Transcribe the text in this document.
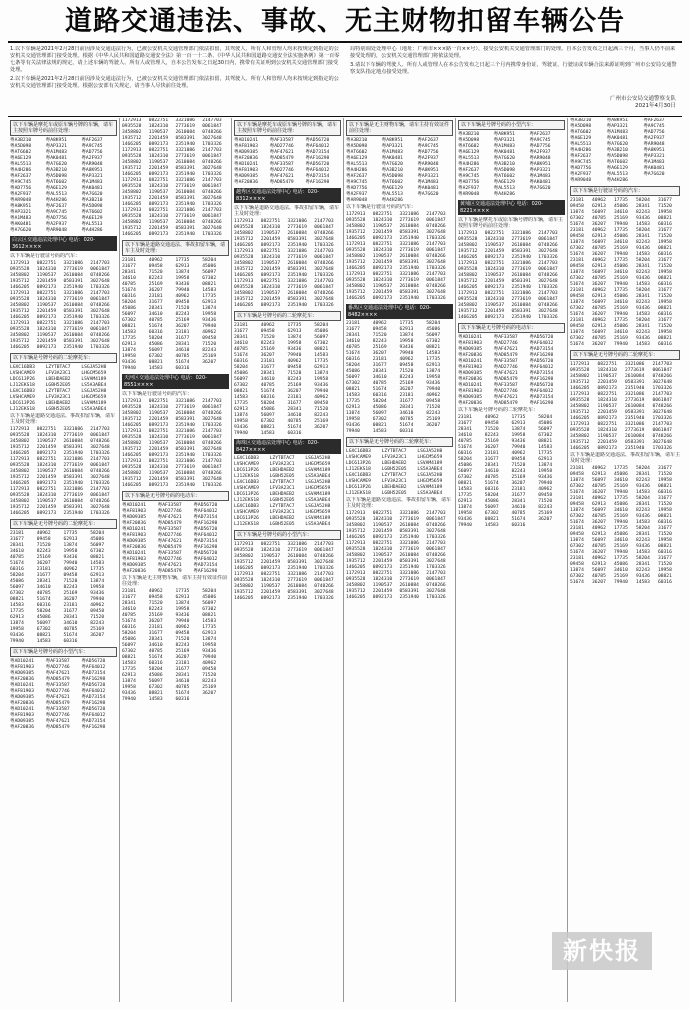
道路交通违法、事故、无主财物扣留车辆公告

1.以下车辆是2021年2月28日前因涉及交通违法行为，已被公安机关交通管理部门依法扣留，其驾驶人、所有人和管理人均未按规定到指定的公安机关交通管理部门接受处理。根据《中华人民共和国道路交通安全法》第一百一十二条、《中华人民共和国道路交通安全法实施条例》第一百零七条等有关法律法规的规定，请上述车辆的驾驶人、所有人或管理人，自本公告发布之日起30日内，携带有关证明到公安机关交通管理部门接受处理。

2.以下车辆是2021年2月28日前因涉及交通违法行为，已被公安机关交通管理部门依法扣留，其驾驶人、所有人和管理人均未按规定到指定的公安机关交通管理部门接受处理。根据公安部有关规定，请当事人尽快前往处理。

局特别调处处理中心（地址：广州市×××路一百××号），接受公安机关交通管理部门的处理。自本公告发布之日起满三个月，当事人仍不前来接受处理的，公安机关交通管理部门将依法处理。

3.请以下车辆的驾驶人、所有人或管理人在本公告发布之日起三个月内携带身份证、驾驶证、行驶证或车辆合法来源证明到广州市公安局交通警察支队指定地点接受处理。

广州市公安局交通警察支队
2021年4月30日
以下车辆是摩托车或原车辆号牌的车辆，请车主按照车牌号码前往处理：
粤A3B210	粤A8K951	粤AF2637
粤A5D098	粤AP3321	粤A9C745
粤AT6602	粤A1M483	粤AD7756
粤A6E129	粤AK0481	粤A2F937
粤AL5513	粤A7G620	粤AR9048
粤A4H286	粤A3B210	粤A8K951
粤AF2637	粤A5D098	粤AP3321
粤A9C745	粤AT6602	粤A1M483
粤AD7756	粤A6E129	粤AK0481
粤A2F937	粤AL5513	粤A7G620
粤AR9048	粤A4H286	粤A3B210
粤A8K951	粤AF2637	粤A5D098
粤AP3321	粤A9C745	粤AT6602
粤A1M483	粤AD7756	粤A6E129
粤AK0481	粤A2F937	粤AL5513
粤A7G620	粤AR9048	粤A4H286
白云区交通违法处理中心 电话：020-3612××××
以下车辆是行驶证号码的汽车：
1172913	0822751	3321086	2147703
0935528	1824310	2773619	0061847
3458802	1190537	2610084	0748266
1935712	2201459	0583391	3027648
1466205	0892173	2351940	1703326
1172913	0822751	3321086	2147703
0935528	1824310	2773619	0061847
3458802	1190537	2610084	0748266
1935712	2201459	0583391	3027648
1466205	0892173	2351940	1703326
1172913	0822751	3321086	2147703
0935528	1824310	2773619	0061847
3458802	1190537	2610084	0748266
1935712	2201459	0583391	3027648
1466205	0892173	2351940	1703326
以下车辆是号牌号码的二轮摩托车：
LGXC16DB3	LZYTBTAC7	LSGJA52H8
LVSHCAME9	LFV3A23C1	LHGCM5659
LDC613P26	LBEHDAEB2	LSVAM4189
LJ12EKS18	LGBH52E05	LS5A3ABE4
LGXC16DB3	LZYTBTAC7	LSGJA52H8
LVSHCAME9	LFV3A23C1	LHGCM5659
LDC613P26	LBEHDAEB2	LSVAM4189
LJ12EKS18	LGBH52E05	LS5A3ABE4
以下车辆是道路交通违法、事故扣留车辆，请车主及时处理：
1172913	0822751	3321086	2147703
0935528	1824310	2773619	0061847
3458802	1190537	2610084	0748266
1935712	2201459	0583391	3027648
1466205	0892173	2351940	1703326
1172913	0822751	3321086	2147703
0935528	1824310	2773619	0061847
3458802	1190537	2610084	0748266
1935712	2201459	0583391	3027648
1466205	0892173	2351940	1703326
1172913	0822751	3321086	2147703
0935528	1824310	2773619	0061847
3458802	1190537	2610084	0748266
1935712	2201459	0583391	3027648
1466205	0892173	2351940	1703326
以下车辆是无号牌号码的二轮摩托车：
23181	40962	17735	58204
31677	09458	62913	45086
28341	71520	13874	56097
34610	82243	19958	67302
40785	25169	93436	08821
51674	36207	79940	14583
60316	23181	40962	17735
58204	31677	09458	62913
45086	28341	71520	13874
56097	34610	82243	19958
67302	40785	25169	93436
08821	51674	36207	79940
14583	60316	23181	40962
17735	58204	31677	09458
62913	45086	28341	71520
13874	56097	34610	82243
19958	67302	40785	25169
93436	08821	51674	36207
79940	14583	60316
以下车辆是号牌号码的小型汽车：
粤AD10241	粤AF33587	粤AD56720
粤AF81903	粤AD27746	粤AF64012
粤AD09385	粤AF47621	粤AD73154
粤AF20836	粤AD85479	粤AF16298
粤AD10241	粤AF33587	粤AD56720
粤AF81903	粤AD27746	粤AF64012
粤AD09385	粤AF47621	粤AD73154
粤AF20836	粤AD85479	粤AF16298
粤AD10241	粤AF33587	粤AD56720
粤AF81903	粤AD27746	粤AF64012
粤AD09385	粤AF47621	粤AD73154
粤AF20836	粤AD85479	粤AF16298
1172913	0822751	3321086	2147703
0935528	1824310	2773619	0061847
3458802	1190537	2610084	0748266
1935712	2201459	0583391	3027648
1466205	0892173	2351940	1703326
1172913	0822751	3321086	2147703
0935528	1824310	2773619	0061847
3458802	1190537	2610084	0748266
1935712	2201459	0583391	3027648
1466205	0892173	2351940	1703326
1172913	0822751	3321086	2147703
0935528	1824310	2773619	0061847
3458802	1190537	2610084	0748266
1935712	2201459	0583391	3027648
1466205	0892173	2351940	1703326
1172913	0822751	3321086	2147703
0935528	1824310	2773619	0061847
3458802	1190537	2610084	0748266
1935712	2201459	0583391	3027648
1466205	0892173	2351940	1703326
以下车辆是道路交通违法、事故扣留车辆，请车主及时处理：
23181	40962	17735	58204
31677	09458	62913	45086
28341	71520	13874	56097
34610	82243	19958	67302
40785	25169	93436	08821
51674	36207	79940	14583
60316	23181	40962	17735
58204	31677	09458	62913
45086	28341	71520	13874
56097	34610	82243	19958
67302	40785	25169	93436
08821	51674	36207	79940
14583	60316	23181	40962
17735	58204	31677	09458
62913	45086	28341	71520
13874	56097	34610	82243
19958	67302	40785	25169
93436	08821	51674	36207
79940	14583	60316
天河区交通违法处理中心 电话：020-8551××××
以下车辆是行驶证号码的汽车：
1172913	0822751	3321086	2147703
0935528	1824310	2773619	0061847
3458802	1190537	2610084	0748266
1935712	2201459	0583391	3027648
1466205	0892173	2351940	1703326
1172913	0822751	3321086	2147703
0935528	1824310	2773619	0061847
3458802	1190537	2610084	0748266
1935712	2201459	0583391	3027648
1466205	0892173	2351940	1703326
1172913	0822751	3321086	2147703
0935528	1824310	2773619	0061847
3458802	1190537	2610084	0748266
1935712	2201459	0583391	3027648
1466205	0892173	2351940	1703326
以下车辆是无号牌号码的电动车：
粤AD10241	粤AF33587	粤AD56720
粤AF81903	粤AD27746	粤AF64012
粤AD09385	粤AF47621	粤AD73154
粤AF20836	粤AD85479	粤AF16298
粤AD10241	粤AF33587	粤AD56720
粤AF81903	粤AD27746	粤AF64012
粤AD09385	粤AF47621	粤AD73154
粤AF20836	粤AD85479	粤AF16298
粤AD10241	粤AF33587	粤AD56720
粤AF81903	粤AD27746	粤AF64012
粤AD09385	粤AF47621	粤AD73154
粤AF20836	粤AD85479	粤AF16298
以下车辆是无主财物车辆，请车主持有效证件前往处理：
23181	40962	17735	58204
31677	09458	62913	45086
28341	71520	13874	56097
34610	82243	19958	67302
40785	25169	93436	08821
51674	36207	79940	14583
60316	23181	40962	17735
58204	31677	09458	62913
45086	28341	71520	13874
56097	34610	82243	19958
67302	40785	25169	93436
08821	51674	36207	79940
14583	60316	23181	40962
17735	58204	31677	09458
62913	45086	28341	71520
13874	56097	34610	82243
19958	67302	40785	25169
93436	08821	51674	36207
79940	14583	60316
以下车辆是摩托车或原车辆号牌的车辆，请车主按照车牌号码前往处理：
粤AD10241	粤AF33587	粤AD56720
粤AF81903	粤AD27746	粤AF64012
粤AD09385	粤AF47621	粤AD73154
粤AF20836	粤AD85479	粤AF16298
粤AD10241	粤AF33587	粤AD56720
粤AF81903	粤AD27746	粤AF64012
粤AD09385	粤AF47621	粤AD73154
粤AF20836	粤AD85479	粤AF16298
越秀区交通违法处理中心 电话：020-8312××××
以下车辆是道路交通违法、事故扣留车辆，请车主及时处理：
1172913	0822751	3321086	2147703
0935528	1824310	2773619	0061847
3458802	1190537	2610084	0748266
1935712	2201459	0583391	3027648
1466205	0892173	2351940	1703326
1172913	0822751	3321086	2147703
0935528	1824310	2773619	0061847
3458802	1190537	2610084	0748266
1935712	2201459	0583391	3027648
1466205	0892173	2351940	1703326
1172913	0822751	3321086	2147703
0935528	1824310	2773619	0061847
3458802	1190537	2610084	0748266
1935712	2201459	0583391	3027648
1466205	0892173	2351940	1703326
以下车辆是号牌号码的二轮摩托车：
23181	40962	17735	58204
31677	09458	62913	45086
28341	71520	13874	56097
34610	82243	19958	67302
40785	25169	93436	08821
51674	36207	79940	14583
60316	23181	40962	17735
58204	31677	09458	62913
45086	28341	71520	13874
56097	34610	82243	19958
67302	40785	25169	93436
08821	51674	36207	79940
14583	60316	23181	40962
17735	58204	31677	09458
62913	45086	28341	71520
13874	56097	34610	82243
19958	67302	40785	25169
93436	08821	51674	36207
79940	14583	60316
海珠区交通违法处理中心 电话：020-8427××××
LGXC16DB3	LZYTBTAC7	LSGJA52H8
LVSHCAME9	LFV3A23C1	LHGCM5659
LDC613P26	LBEHDAEB2	LSVAM4189
LJ12EKS18	LGBH52E05	LS5A3ABE4
LGXC16DB3	LZYTBTAC7	LSGJA52H8
LVSHCAME9	LFV3A23C1	LHGCM5659
LDC613P26	LBEHDAEB2	LSVAM4189
LJ12EKS18	LGBH52E05	LS5A3ABE4
LGXC16DB3	LZYTBTAC7	LSGJA52H8
LVSHCAME9	LFV3A23C1	LHGCM5659
LDC613P26	LBEHDAEB2	LSVAM4189
LJ12EKS18	LGBH52E05	LS5A3ABE4
以下车辆是号牌号码的小型汽车：
1172913	0822751	3321086	2147703
0935528	1824310	2773619	0061847
3458802	1190537	2610084	0748266
1935712	2201459	0583391	3027648
1466205	0892173	2351940	1703326
1172913	0822751	3321086	2147703
0935528	1824310	2773619	0061847
3458802	1190537	2610084	0748266
1935712	2201459	0583391	3027648
1466205	0892173	2351940	1703326
以下车辆是无主财物车辆，请车主持有效证件前往处理：
粤A3B210	粤A8K951	粤AF2637
粤A5D098	粤AP3321	粤A9C745
粤AT6602	粤A1M483	粤AD7756
粤A6E129	粤AK0481	粤A2F937
粤AL5513	粤A7G620	粤AR9048
粤A4H286	粤A3B210	粤A8K951
粤AF2637	粤A5D098	粤AP3321
粤A9C745	粤AT6602	粤A1M483
粤AD7756	粤A6E129	粤AK0481
粤A2F937	粤AL5513	粤A7G620
粤AR9048	粤A4H286
以下车辆是行驶证号码的汽车：
1172913	0822751	3321086	2147703
0935528	1824310	2773619	0061847
3458802	1190537	2610084	0748266
1935712	2201459	0583391	3027648
1466205	0892173	2351940	1703326
1172913	0822751	3321086	2147703
0935528	1824310	2773619	0061847
3458802	1190537	2610084	0748266
1935712	2201459	0583391	3027648
1466205	0892173	2351940	1703326
1172913	0822751	3321086	2147703
0935528	1824310	2773619	0061847
3458802	1190537	2610084	0748266
1935712	2201459	0583391	3027648
1466205	0892173	2351940	1703326
番禺区交通违法处理中心 电话：020-8482××××
23181	40962	17735	58204
31677	09458	62913	45086
28341	71520	13874	56097
34610	82243	19958	67302
40785	25169	93436	08821
51674	36207	79940	14583
60316	23181	40962	17735
58204	31677	09458	62913
45086	28341	71520	13874
56097	34610	82243	19958
67302	40785	25169	93436
08821	51674	36207	79940
14583	60316	23181	40962
17735	58204	31677	09458
62913	45086	28341	71520
13874	56097	34610	82243
19958	67302	40785	25169
93436	08821	51674	36207
79940	14583	60316
以下车辆是无号牌号码的二轮摩托车：
LGXC16DB3	LZYTBTAC7	LSGJA52H8
LVSHCAME9	LFV3A23C1	LHGCM5659
LDC613P26	LBEHDAEB2	LSVAM4189
LJ12EKS18	LGBH52E05	LS5A3ABE4
LGXC16DB3	LZYTBTAC7	LSGJA52H8
LVSHCAME9	LFV3A23C1	LHGCM5659
LDC613P26	LBEHDAEB2	LSVAM4189
LJ12EKS18	LGBH52E05	LS5A3ABE4
以下车辆是道路交通违法、事故扣留车辆，请车主及时处理：
1172913	0822751	3321086	2147703
0935528	1824310	2773619	0061847
3458802	1190537	2610084	0748266
1935712	2201459	0583391	3027648
1466205	0892173	2351940	1703326
1172913	0822751	3321086	2147703
0935528	1824310	2773619	0061847
3458802	1190537	2610084	0748266
1935712	2201459	0583391	3027648
1466205	0892173	2351940	1703326
1172913	0822751	3321086	2147703
0935528	1824310	2773619	0061847
3458802	1190537	2610084	0748266
1935712	2201459	0583391	3027648
1466205	0892173	2351940	1703326
以下车辆是号牌号码的小型汽车：
粤A3B210	粤A8K951	粤AF2637
粤A5D098	粤AP3321	粤A9C745
粤AT6602	粤A1M483	粤AD7756
粤A6E129	粤AK0481	粤A2F937
粤AL5513	粤A7G620	粤AR9048
粤A4H286	粤A3B210	粤A8K951
粤AF2637	粤A5D098	粤AP3321
粤A9C745	粤AT6602	粤A1M483
粤AD7756	粤A6E129	粤AK0481
粤A2F937	粤AL5513	粤A7G620
粤AR9048	粤A4H286
黄埔区交通违法处理中心 电话：020-8221××××
以下车辆是摩托车或原车辆号牌的车辆，请车主按照车牌号码前往处理：
1172913	0822751	3321086	2147703
0935528	1824310	2773619	0061847
3458802	1190537	2610084	0748266
1935712	2201459	0583391	3027648
1466205	0892173	2351940	1703326
1172913	0822751	3321086	2147703
0935528	1824310	2773619	0061847
3458802	1190537	2610084	0748266
1935712	2201459	0583391	3027648
1466205	0892173	2351940	1703326
1172913	0822751	3321086	2147703
0935528	1824310	2773619	0061847
3458802	1190537	2610084	0748266
1935712	2201459	0583391	3027648
1466205	0892173	2351940	1703326
以下车辆是无号牌号码的电动车：
粤AD10241	粤AF33587	粤AD56720
粤AF81903	粤AD27746	粤AF64012
粤AD09385	粤AF47621	粤AD73154
粤AF20836	粤AD85479	粤AF16298
粤AD10241	粤AF33587	粤AD56720
粤AF81903	粤AD27746	粤AF64012
粤AD09385	粤AF47621	粤AD73154
粤AF20836	粤AD85479	粤AF16298
粤AD10241	粤AF33587	粤AD56720
粤AF81903	粤AD27746	粤AF64012
粤AD09385	粤AF47621	粤AD73154
粤AF20836	粤AD85479	粤AF16298
以下车辆是号牌号码的二轮摩托车：
23181	40962	17735	58204
31677	09458	62913	45086
28341	71520	13874	56097
34610	82243	19958	67302
40785	25169	93436	08821
51674	36207	79940	14583
60316	23181	40962	17735
58204	31677	09458	62913
45086	28341	71520	13874
56097	34610	82243	19958
67302	40785	25169	93436
08821	51674	36207	79940
14583	60316	23181	40962
17735	58204	31677	09458
62913	45086	28341	71520
13874	56097	34610	82243
19958	67302	40785	25169
93436	08821	51674	36207
79940	14583	60316
粤A3B210	粤A8K951	粤AF2637
粤A5D098	粤AP3321	粤A9C745
粤AT6602	粤A1M483	粤AD7756
粤A6E129	粤AK0481	粤A2F937
粤AL5513	粤A7G620	粤AR9048
粤A4H286	粤A3B210	粤A8K951
粤AF2637	粤A5D098	粤AP3321
粤A9C745	粤AT6602	粤A1M483
粤AD7756	粤A6E129	粤AK0481
粤A2F937	粤AL5513	粤A7G620
粤AR9048	粤A4H286
以下车辆是行驶证号码的汽车：
23181	40962	17735	58204	31677
09458	62913	45086	28341	71520
13874	56097	34610	82243	19958
67302	40785	25169	93436	08821
51674	36207	79940	14583	60316
23181	40962	17735	58204	31677
09458	62913	45086	28341	71520
13874	56097	34610	82243	19958
67302	40785	25169	93436	08821
51674	36207	79940	14583	60316
23181	40962	17735	58204	31677
09458	62913	45086	28341	71520
13874	56097	34610	82243	19958
67302	40785	25169	93436	08821
51674	36207	79940	14583	60316
23181	40962	17735	58204	31677
09458	62913	45086	28341	71520
13874	56097	34610	82243	19958
67302	40785	25169	93436	08821
51674	36207	79940	14583	60316
23181	40962	17735	58204	31677
09458	62913	45086	28341	71520
13874	56097	34610	82243	19958
67302	40785	25169	93436	08821
51674	36207	79940	14583	60316
以下车辆是无号牌号码的二轮摩托车：
1172913	0822751	3321086	2147703
0935528	1824310	2773619	0061847
3458802	1190537	2610084	0748266
1935712	2201459	0583391	3027648
1466205	0892173	2351940	1703326
1172913	0822751	3321086	2147703
0935528	1824310	2773619	0061847
3458802	1190537	2610084	0748266
1935712	2201459	0583391	3027648
1466205	0892173	2351940	1703326
1172913	0822751	3321086	2147703
0935528	1824310	2773619	0061847
3458802	1190537	2610084	0748266
1935712	2201459	0583391	3027648
1466205	0892173	2351940	1703326
以下车辆是道路交通违法、事故扣留车辆，请车主及时处理：
23181	40962	17735	58204	31677
09458	62913	45086	28341	71520
13874	56097	34610	82243	19958
67302	40785	25169	93436	08821
51674	36207	79940	14583	60316
23181	40962	17735	58204	31677
09458	62913	45086	28341	71520
13874	56097	34610	82243	19958
67302	40785	25169	93436	08821
51674	36207	79940	14583	60316
23181	40962	17735	58204	31677
09458	62913	45086	28341	71520
13874	56097	34610	82243	19958
67302	40785	25169	93436	08821
51674	36207	79940	14583	60316
23181	40962	17735	58204	31677
09458	62913	45086	28341	71520
13874	56097	34610	82243	19958
67302	40785	25169	93436	08821
51674	36207	79940	14583	60316
新快报
